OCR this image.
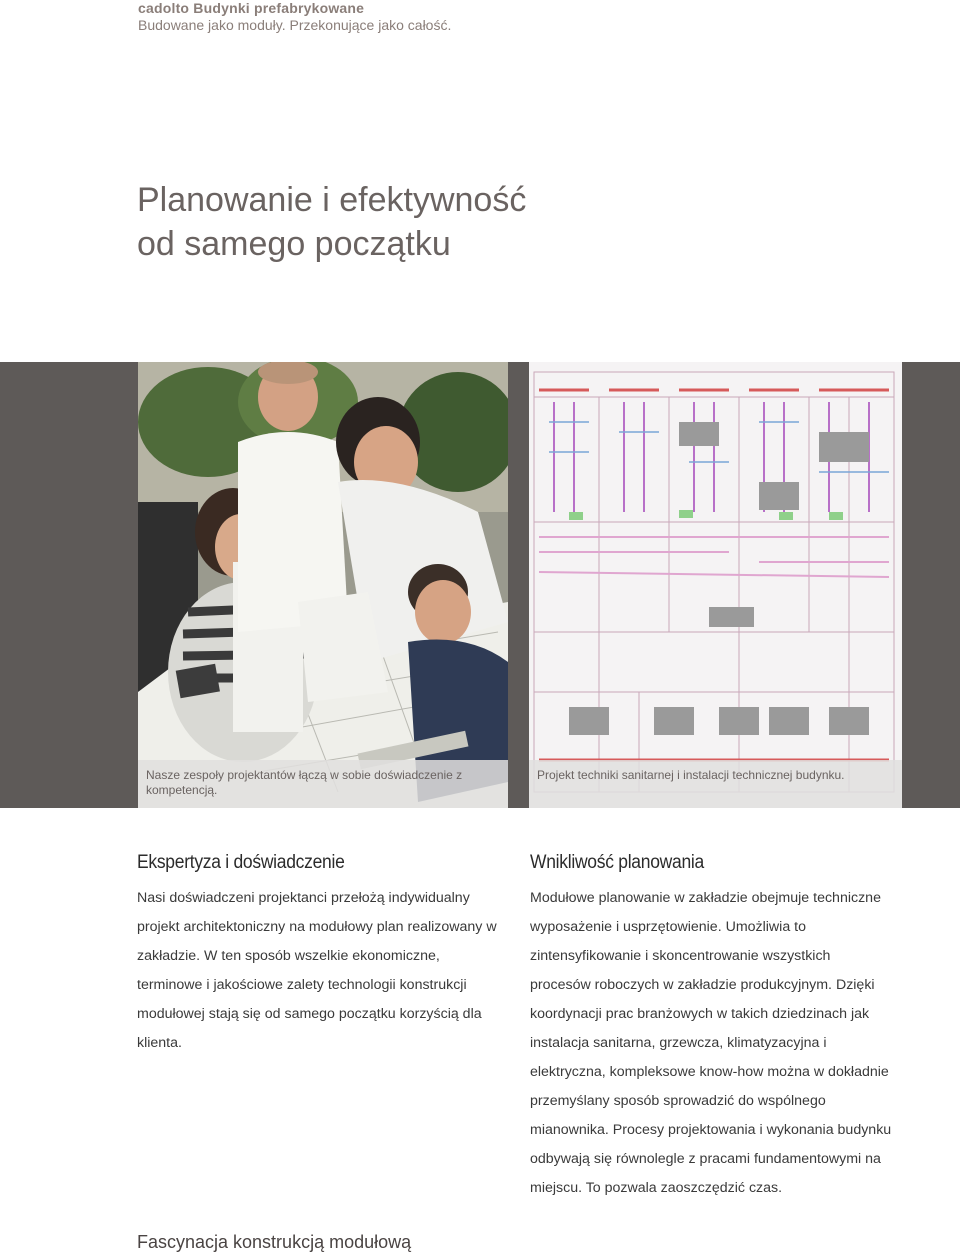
cadolto Budynki prefabrykowane
Budowane jako moduły. Przekonujące jako całość.
Planowanie i efektywność
od samego początku
Nasze zespoły projektantów łączą w sobie doświadczenie z kompetencją.
Projekt techniki sanitarnej i instalacji technicznej budynku.
Ekspertyza i doświadczenie

Nasi doświadczeni projektanci przełożą indywidualny projekt architektoniczny na modułowy plan realizowany w zakładzie. W ten sposób wszelkie ekonomiczne, terminowe i jakościowe zalety technologii konstrukcji modułowej stają się od samego początku korzyścią dla klienta.

Wnikliwość planowania

Modułowe planowanie w zakładzie obejmuje techniczne wyposażenie i usprzętowienie. Umożliwia to zintensyfikowanie i skoncentrowanie wszystkich procesów roboczych w zakładzie produkcyjnym. Dzięki koordynacji prac branżowych w takich dziedzinach jak instalacja sanitarna, grzewcza, klimatyzacyjna i elektryczna, kompleksowe know-how można w dokładnie przemyślany sposób sprowadzić do wspólnego mianownika. Procesy projektowania i wykonania budynku odbywają się równolegle z pracami fundamentowymi na miejscu. To pozwala zaoszczędzić czas.

Fascynacja konstrukcją modułową
